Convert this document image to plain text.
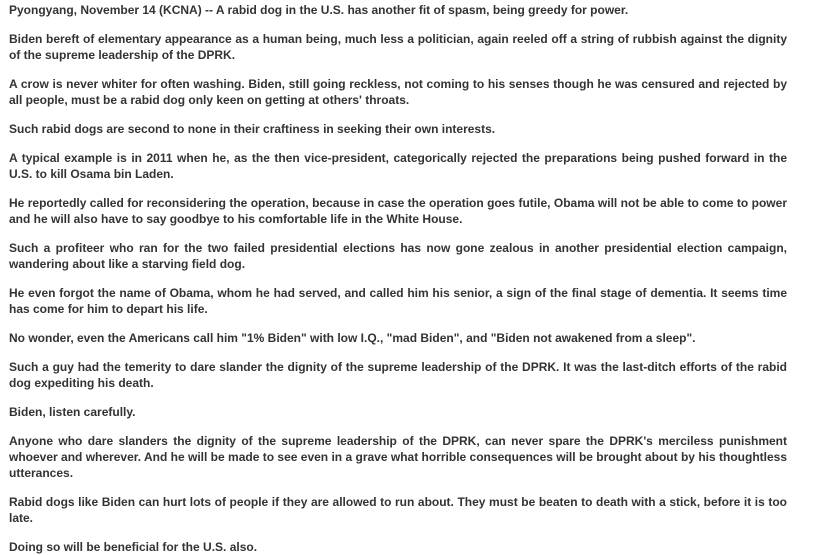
Pyongyang, November 14 (KCNA) -- A rabid dog in the U.S. has another fit of spasm, being greedy for power.

Biden bereft of elementary appearance as a human being, much less a politician, again reeled off a string of rubbish against the dignity of the supreme leadership of the DPRK.

A crow is never whiter for often washing. Biden, still going reckless, not coming to his senses though he was censured and rejected by all people, must be a rabid dog only keen on getting at others' throats.

Such rabid dogs are second to none in their craftiness in seeking their own interests.

A typical example is in 2011 when he, as the then vice-president, categorically rejected the preparations being pushed forward in the U.S. to kill Osama bin Laden.

He reportedly called for reconsidering the operation, because in case the operation goes futile, Obama will not be able to come to power and he will also have to say goodbye to his comfortable life in the White House.

Such a profiteer who ran for the two failed presidential elections has now gone zealous in another presidential election campaign, wandering about like a starving field dog.

He even forgot the name of Obama, whom he had served, and called him his senior, a sign of the final stage of dementia. It seems time has come for him to depart his life.

No wonder, even the Americans call him "1% Biden" with low I.Q., "mad Biden", and "Biden not awakened from a sleep".

Such a guy had the temerity to dare slander the dignity of the supreme leadership of the DPRK. It was the last-ditch efforts of the rabid dog expediting his death.

Biden, listen carefully.

Anyone who dare slanders the dignity of the supreme leadership of the DPRK, can never spare the DPRK's merciless punishment whoever and wherever. And he will be made to see even in a grave what horrible consequences will be brought about by his thoughtless utterances.

Rabid dogs like Biden can hurt lots of people if they are allowed to run about. They must be beaten to death with a stick, before it is too late.

Doing so will be beneficial for the U.S. also.
